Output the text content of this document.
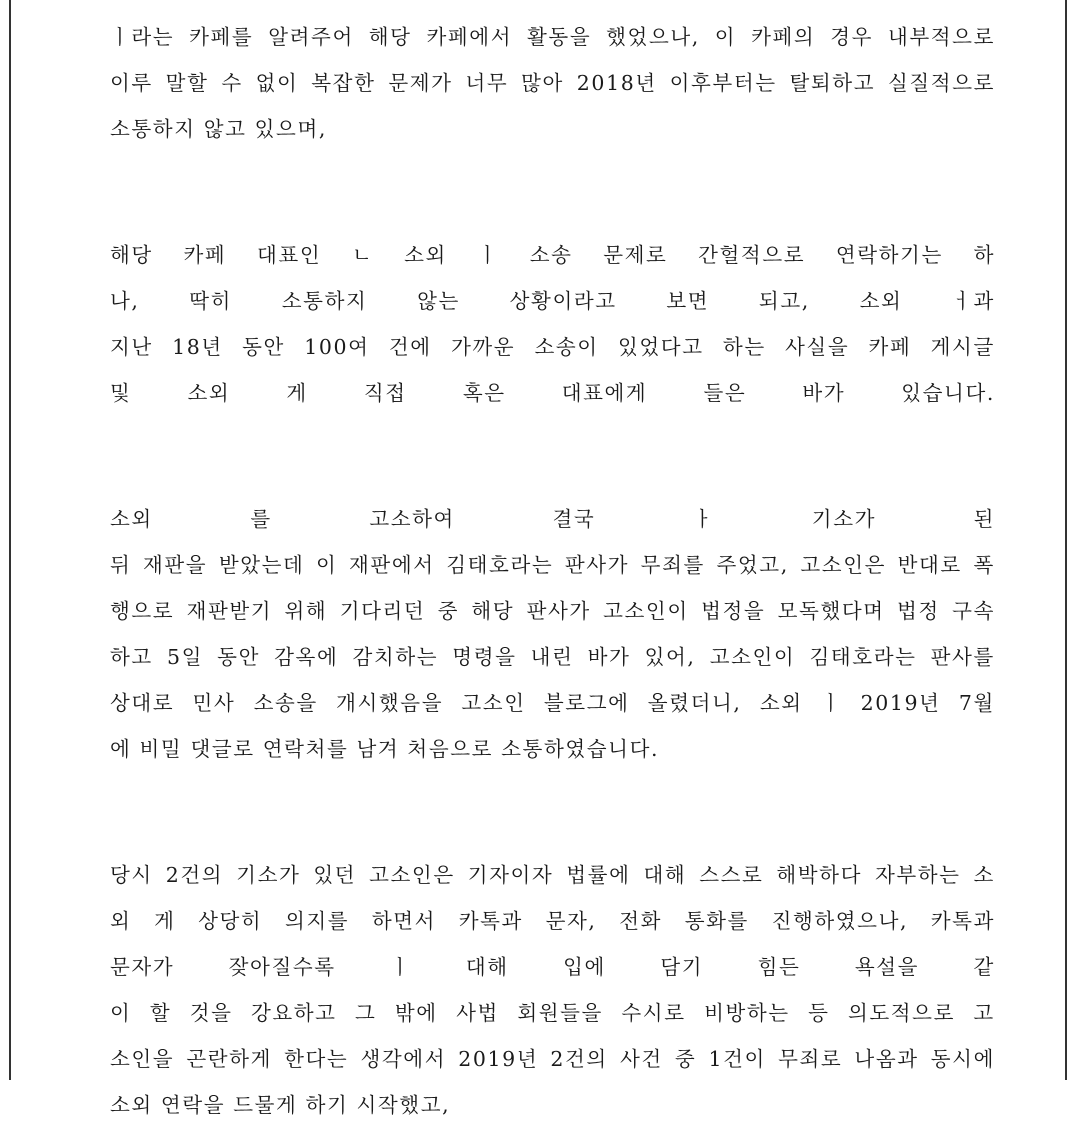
ㅣ라는 카페를 알려주어 해당 카페에서 활동을 했었으나, 이 카페의 경우 내부적으로
이루 말할 수 없이 복잡한 문제가 너무 많아 2018년 이후부터는 탈퇴하고 실질적으로
소통하지 않고 있으며,
해당 카페 대표인 ㄴ 소외 ㅣ 소송 문제로 간헐적으로 연락하기는 하
나, 딱히 소통하지 않는 상황이라고 보면 되고, 소외 ㅓ과
지난 18년 동안 100여 건에 가까운 소송이 있었다고 하는 사실을 카페 게시글
및	소외	게	직접	혹은	대표에게	들은	바가	있습니다.
소외	를	고소하여	결국	ㅏ	기소가	된
뒤 재판을 받았는데 이 재판에서 김태호라는 판사가 무죄를 주었고, 고소인은 반대로 폭
행으로 재판받기 위해 기다리던 중 해당 판사가 고소인이 법정을 모독했다며 법정 구속
하고 5일 동안 감옥에 감치하는 명령을 내린 바가 있어, 고소인이 김태호라는 판사를
상대로 민사 소송을 개시했음을 고소인 블로그에 올렸더니, 소외 ㅣ 2019년 7월
에 비밀 댓글로 연락처를 남겨 처음으로 소통하였습니다.
당시 2건의 기소가 있던 고소인은 기자이자 법률에 대해 스스로 해박하다 자부하는 소
외 게 상당히 의지를 하면서 카톡과 문자, 전화 통화를 진행하였으나, 카톡과
문자가	잦아질수록	ㅣ	대해	입에	담기	힘든	욕설을	같
이 할 것을 강요하고 그 밖에 사법 회원들을 수시로 비방하는 등 의도적으로 고
소인을 곤란하게 한다는 생각에서 2019년 2건의 사건 중 1건이 무죄로 나옴과 동시에
소외 연락을 드물게 하기 시작했고,
